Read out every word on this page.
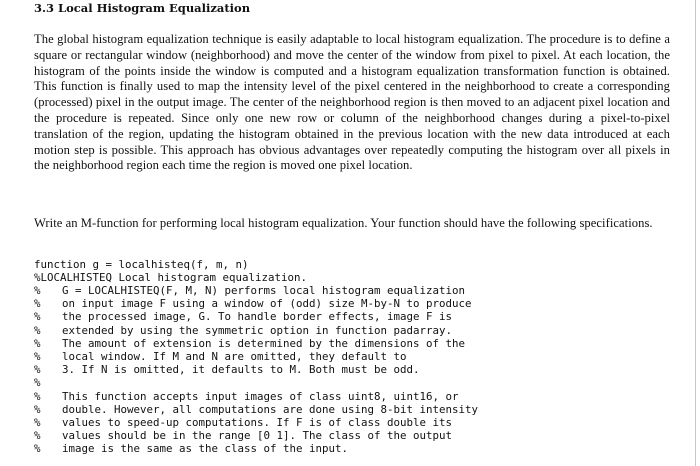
3.3 Local Histogram Equalization

The global histogram equalization technique is easily adaptable to local histogram equalization. The procedure is to define a square or rectangular window (neighborhood) and move the center of the window from pixel to pixel. At each location, the histogram of the points inside the window is computed and a histogram equalization transformation function is obtained. This function is finally used to map the intensity level of the pixel centered in the neighborhood to create a corresponding (processed) pixel in the output image. The center of the neighborhood region is then moved to an adjacent pixel location and the procedure is repeated. Since only one new row or column of the neighborhood changes during a pixel-to-pixel translation of the region, updating the histogram obtained in the previous location with the new data introduced at each motion step is possible. This approach has obvious advantages over repeatedly computing the histogram over all pixels in the neighborhood region each time the region is moved one pixel location.

Write an M-function for performing local histogram equalization. Your function should have the following specifications.

function g = localhisteq(f, m, n)
%LOCALHISTEQ Local histogram equalization.
% G = LOCALHISTEQ(F, M, N) performs local histogram equalization
% on input image F using a window of (odd) size M-by-N to produce
% the processed image, G. To handle border effects, image F is
% extended by using the symmetric option in function padarray.
% The amount of extension is determined by the dimensions of the
% local window. If M and N are omitted, they default to
% 3. If N is omitted, it defaults to M. Both must be odd.
%
% This function accepts input images of class uint8, uint16, or
% double. However, all computations are done using 8-bit intensity
% values to speed-up computations. If F is of class double its
% values should be in the range [0 1]. The class of the output
% image is the same as the class of the input.
